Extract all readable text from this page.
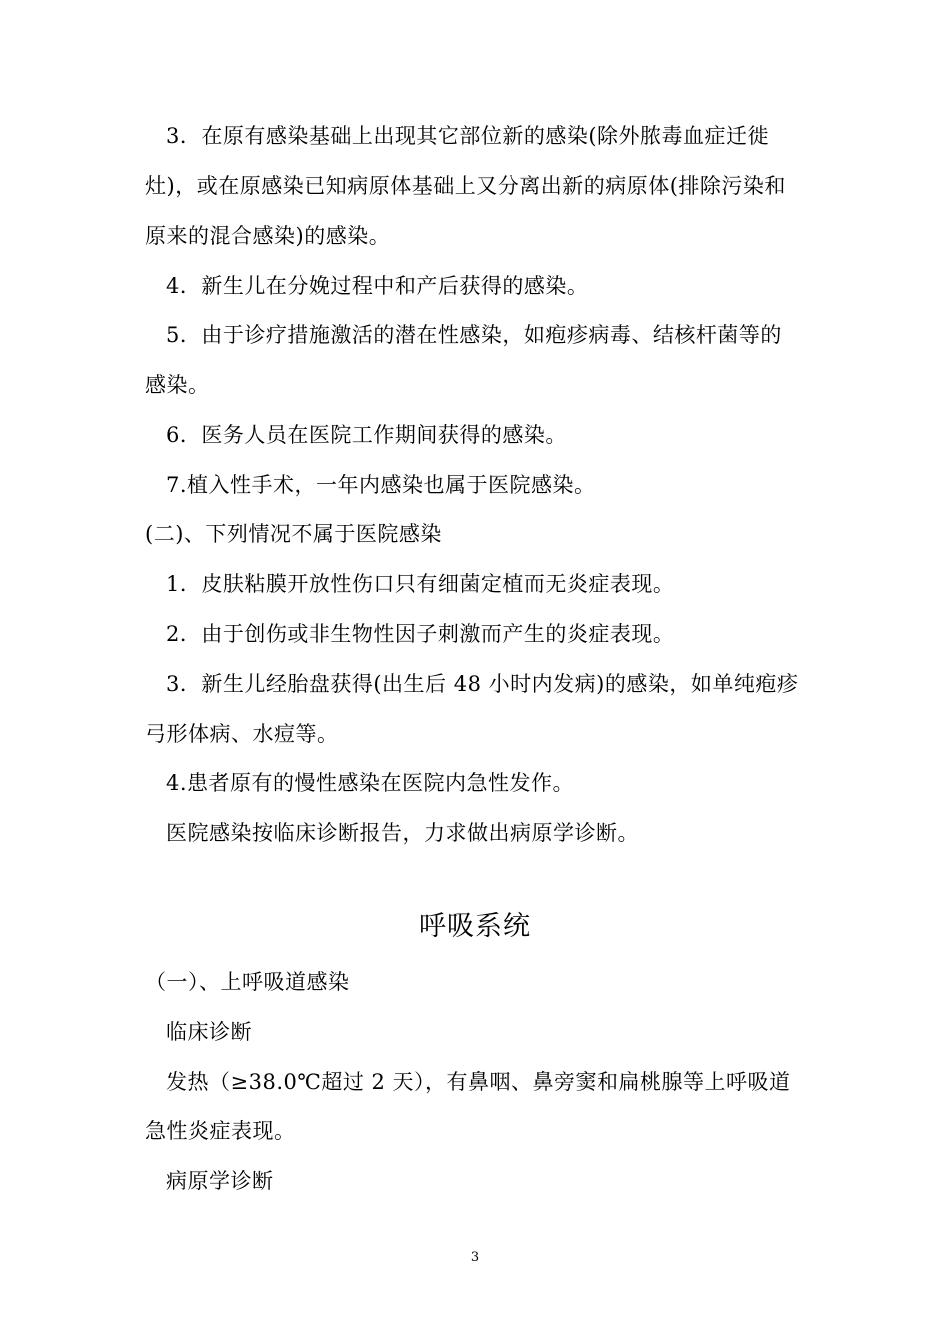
3．在原有感染基础上出现其它部位新的感染(除外脓毒血症迁徙
灶)，或在原感染已知病原体基础上又分离出新的病原体(排除污染和
原来的混合感染)的感染。
4．新生儿在分娩过程中和产后获得的感染。
5．由于诊疗措施激活的潜在性感染，如疱疹病毒、结核杆菌等的
感染。
6．医务人员在医院工作期间获得的感染。
7.植入性手术，一年内感染也属于医院感染。
(二)、下列情况不属于医院感染
1．皮肤粘膜开放性伤口只有细菌定植而无炎症表现。
2．由于创伤或非生物性因子刺激而产生的炎症表现。
3．新生儿经胎盘获得(出生后 48 小时内发病)的感染，如单纯疱疹
弓形体病、水痘等。
4.患者原有的慢性感染在医院内急性发作。
医院感染按临床诊断报告，力求做出病原学诊断。
呼吸系统
（一）、上呼吸道感染
临床诊断
发热（≥38.0℃超过 2 天），有鼻咽、鼻旁窦和扁桃腺等上呼吸道
急性炎症表现。
病原学诊断
3
